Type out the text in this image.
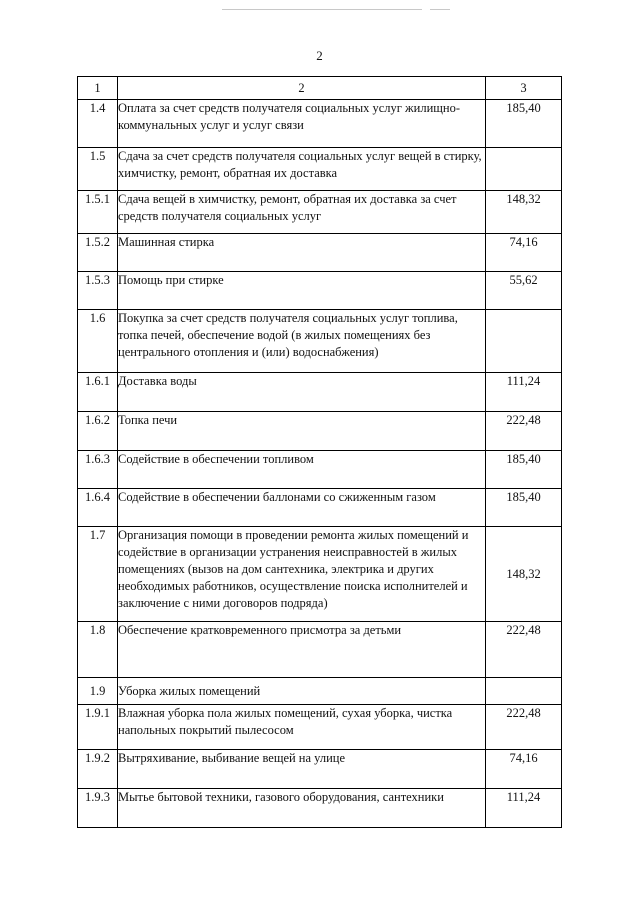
2
1	2	3
1.4	Оплата за счет средств получателя социальных услуг жилищно-коммунальных услуг и услуг связи	185,40
1.5	Сдача за счет средств получателя социальных услуг вещей в стирку, химчистку, ремонт, обратная их доставка	
1.5.1	Сдача вещей в химчистку, ремонт, обратная их доставка за счет средств получателя социальных услуг	148,32
1.5.2	Машинная стирка	74,16
1.5.3	Помощь при стирке	55,62
1.6	Покупка за счет средств получателя социальных услуг топлива, топка печей, обеспечение водой (в жилых помещениях без центрального отопления и (или) водоснабжения)	
1.6.1	Доставка воды	111,24
1.6.2	Топка печи	222,48
1.6.3	Содействие в обеспечении топливом	185,40
1.6.4	Содействие в обеспечении баллонами со сжиженным газом	185,40
1.7	Организация помощи в проведении ремонта жилых помещений и содействие в организации устранения неисправностей в жилых помещениях (вызов на дом сантехника, электрика и других необходимых работников, осуществление поиска исполнителей и заключение с ними договоров подряда)	148,32
1.8	Обеспечение кратковременного присмотра за детьми	222,48
1.9	Уборка жилых помещений	
1.9.1	Влажная уборка пола жилых помещений, сухая уборка, чистка напольных покрытий пылесосом	222,48
1.9.2	Вытряхивание, выбивание вещей на улице	74,16
1.9.3	Мытье бытовой техники, газового оборудования, сантехники	111,24
